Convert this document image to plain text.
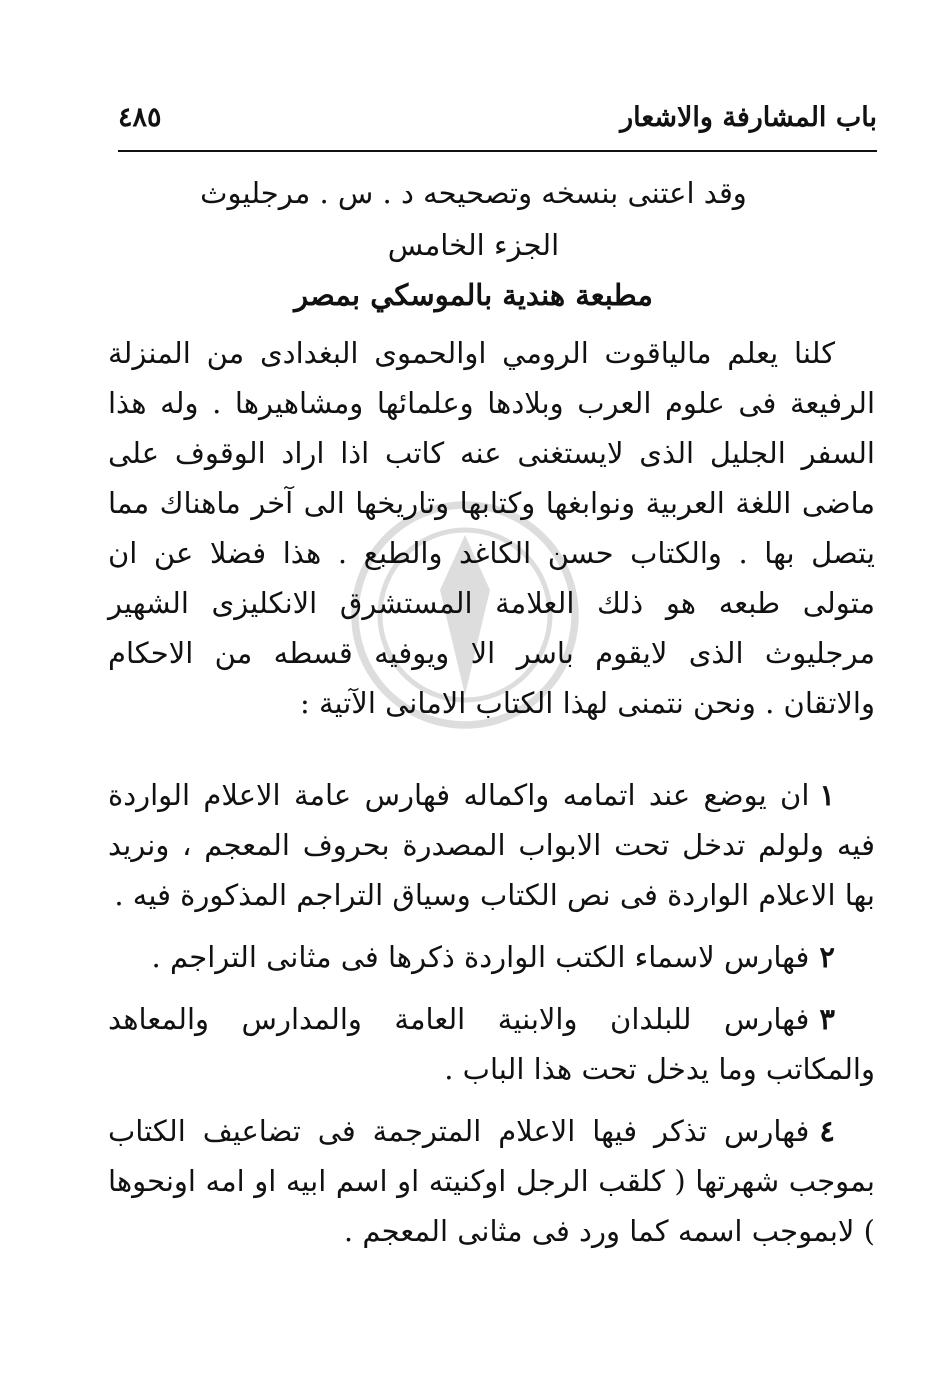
باب المشارفة والاشعار
٤٨٥
وقد اعتنى بنسخه وتصحيحه د . س . مرجليوث
الجزء الخامس
مطبعة هندية بالموسكي بمصر
كلنا يعلم مالياقوت الرومي اوالحموى البغدادى من المنزلة الرفيعة فى علوم العرب وبلادها وعلمائها ومشاهيرها . وله هذا السفر الجليل الذى لايستغنى عنه كاتب اذا اراد الوقوف على ماضى اللغة العربية ونوابغها وكتابها وتاريخها الى آخر ماهناك مما يتصل بها . والكتاب حسن الكاغد والطبع . هذا فضلا عن ان متولى طبعه هو ذلك العلامة المستشرق الانكليزى الشهير مرجليوث الذى لايقوم باسر الا ويوفيه قسطه من الاحكام والاتقان . ونحن نتمنى لهذا الكتاب الامانى الآتية :
١ان يوضع عند اتمامه واكماله فهارس عامة الاعلام الواردة فيه ولولم تدخل تحت الابواب المصدرة بحروف المعجم ، ونريد بها الاعلام الواردة فى نص الكتاب وسياق التراجم المذكورة فيه .
٢فهارس لاسماء الكتب الواردة ذكرها فى مثانى التراجم .
٣فهارس للبلدان والابنية العامة والمدارس والمعاهد والمكاتب وما يدخل تحت هذا الباب .
٤فهارس تذكر فيها الاعلام المترجمة فى تضاعيف الكتاب بموجب شهرتها ( كلقب الرجل اوكنيته او اسم ابيه او امه اونحوها ) لابموجب اسمه كما ورد فى مثانى المعجم .
